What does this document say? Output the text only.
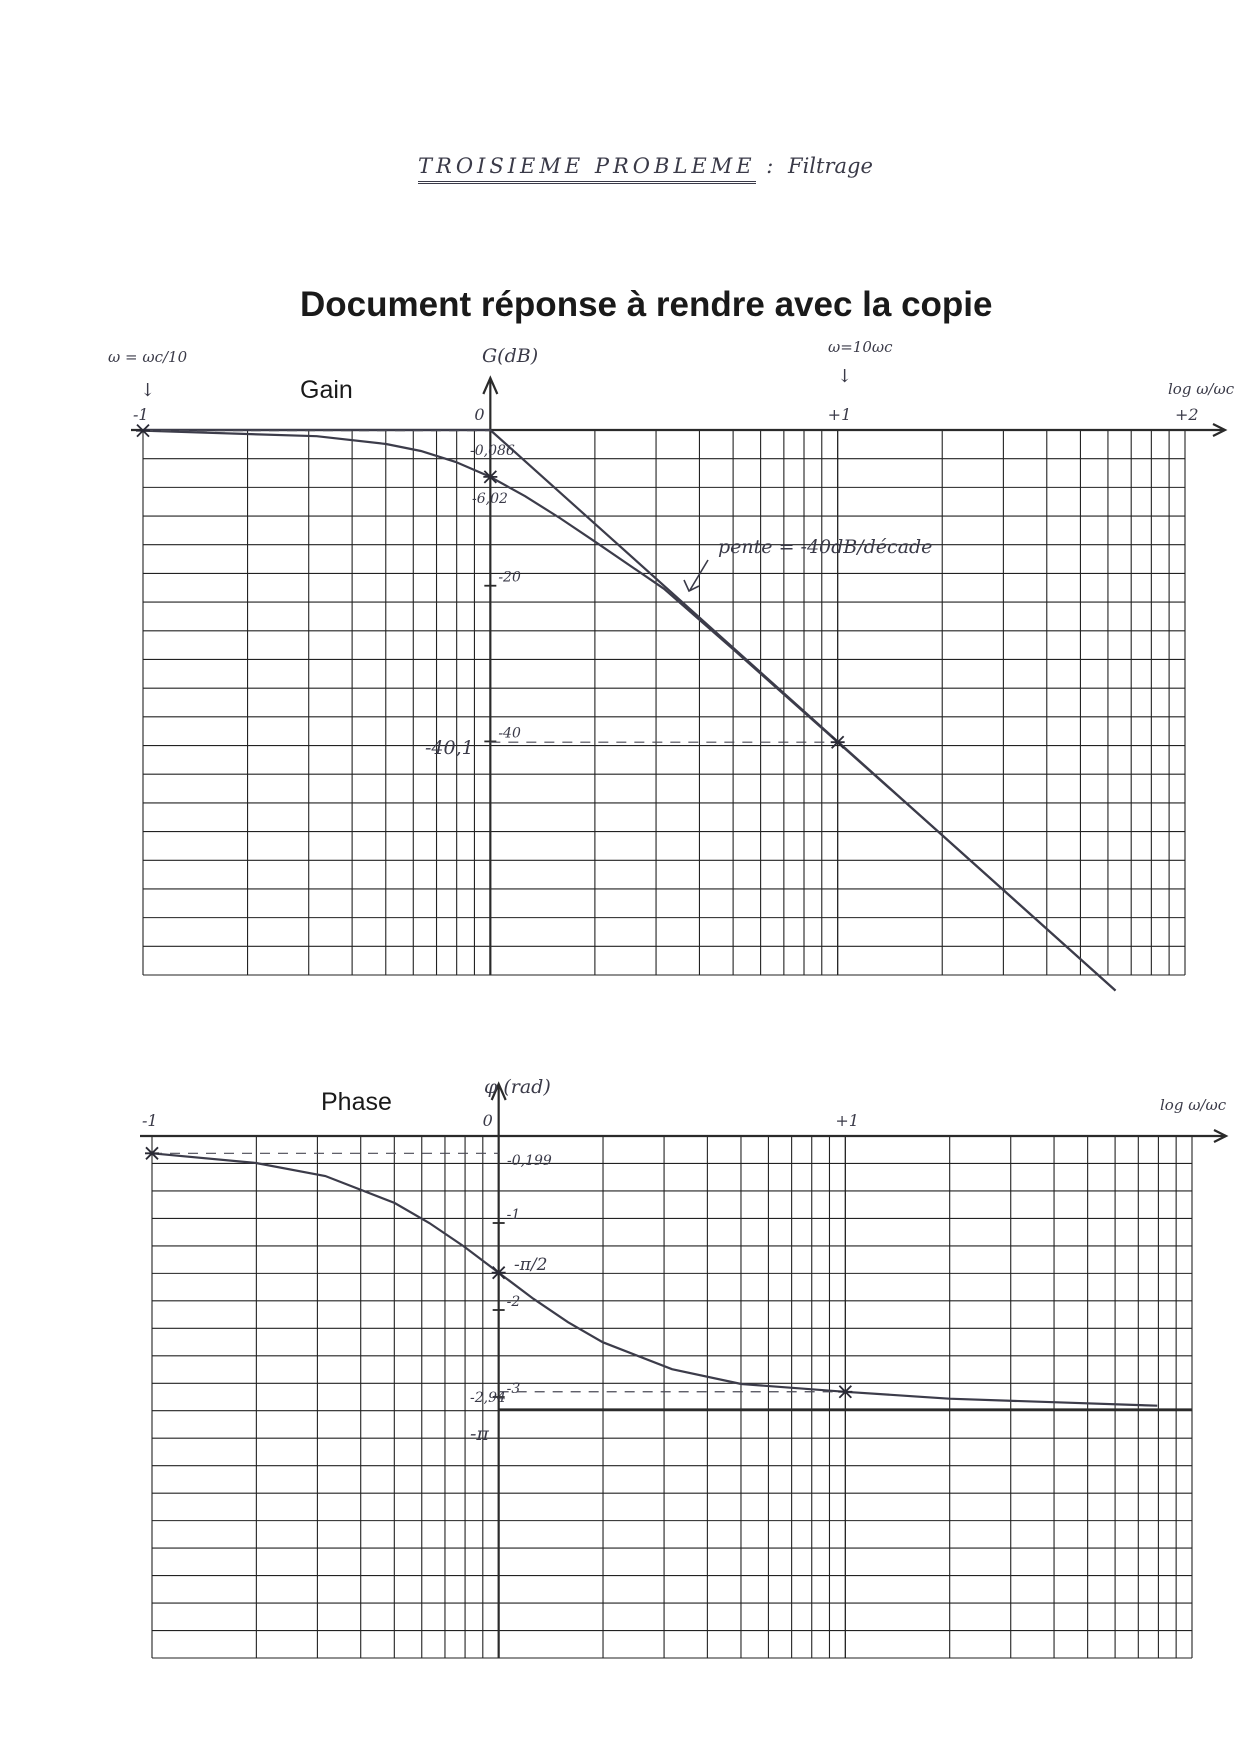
TROISIEME PROBLEME : Filtrage
Document réponse à rendre avec la copie
-1	0	+1	+2
-20
-40
Gain
G(dB)
log ω/ωc
ω = ωc/10
↓
ω=10ωc
↓
-0,086
-6,02
-40,1
pente = -40dB/décade
-1	0	+1
-1
-2
-3
Phase
φ (rad)
log ω/ωc
-0,199
-π/2
-2,94
-π
